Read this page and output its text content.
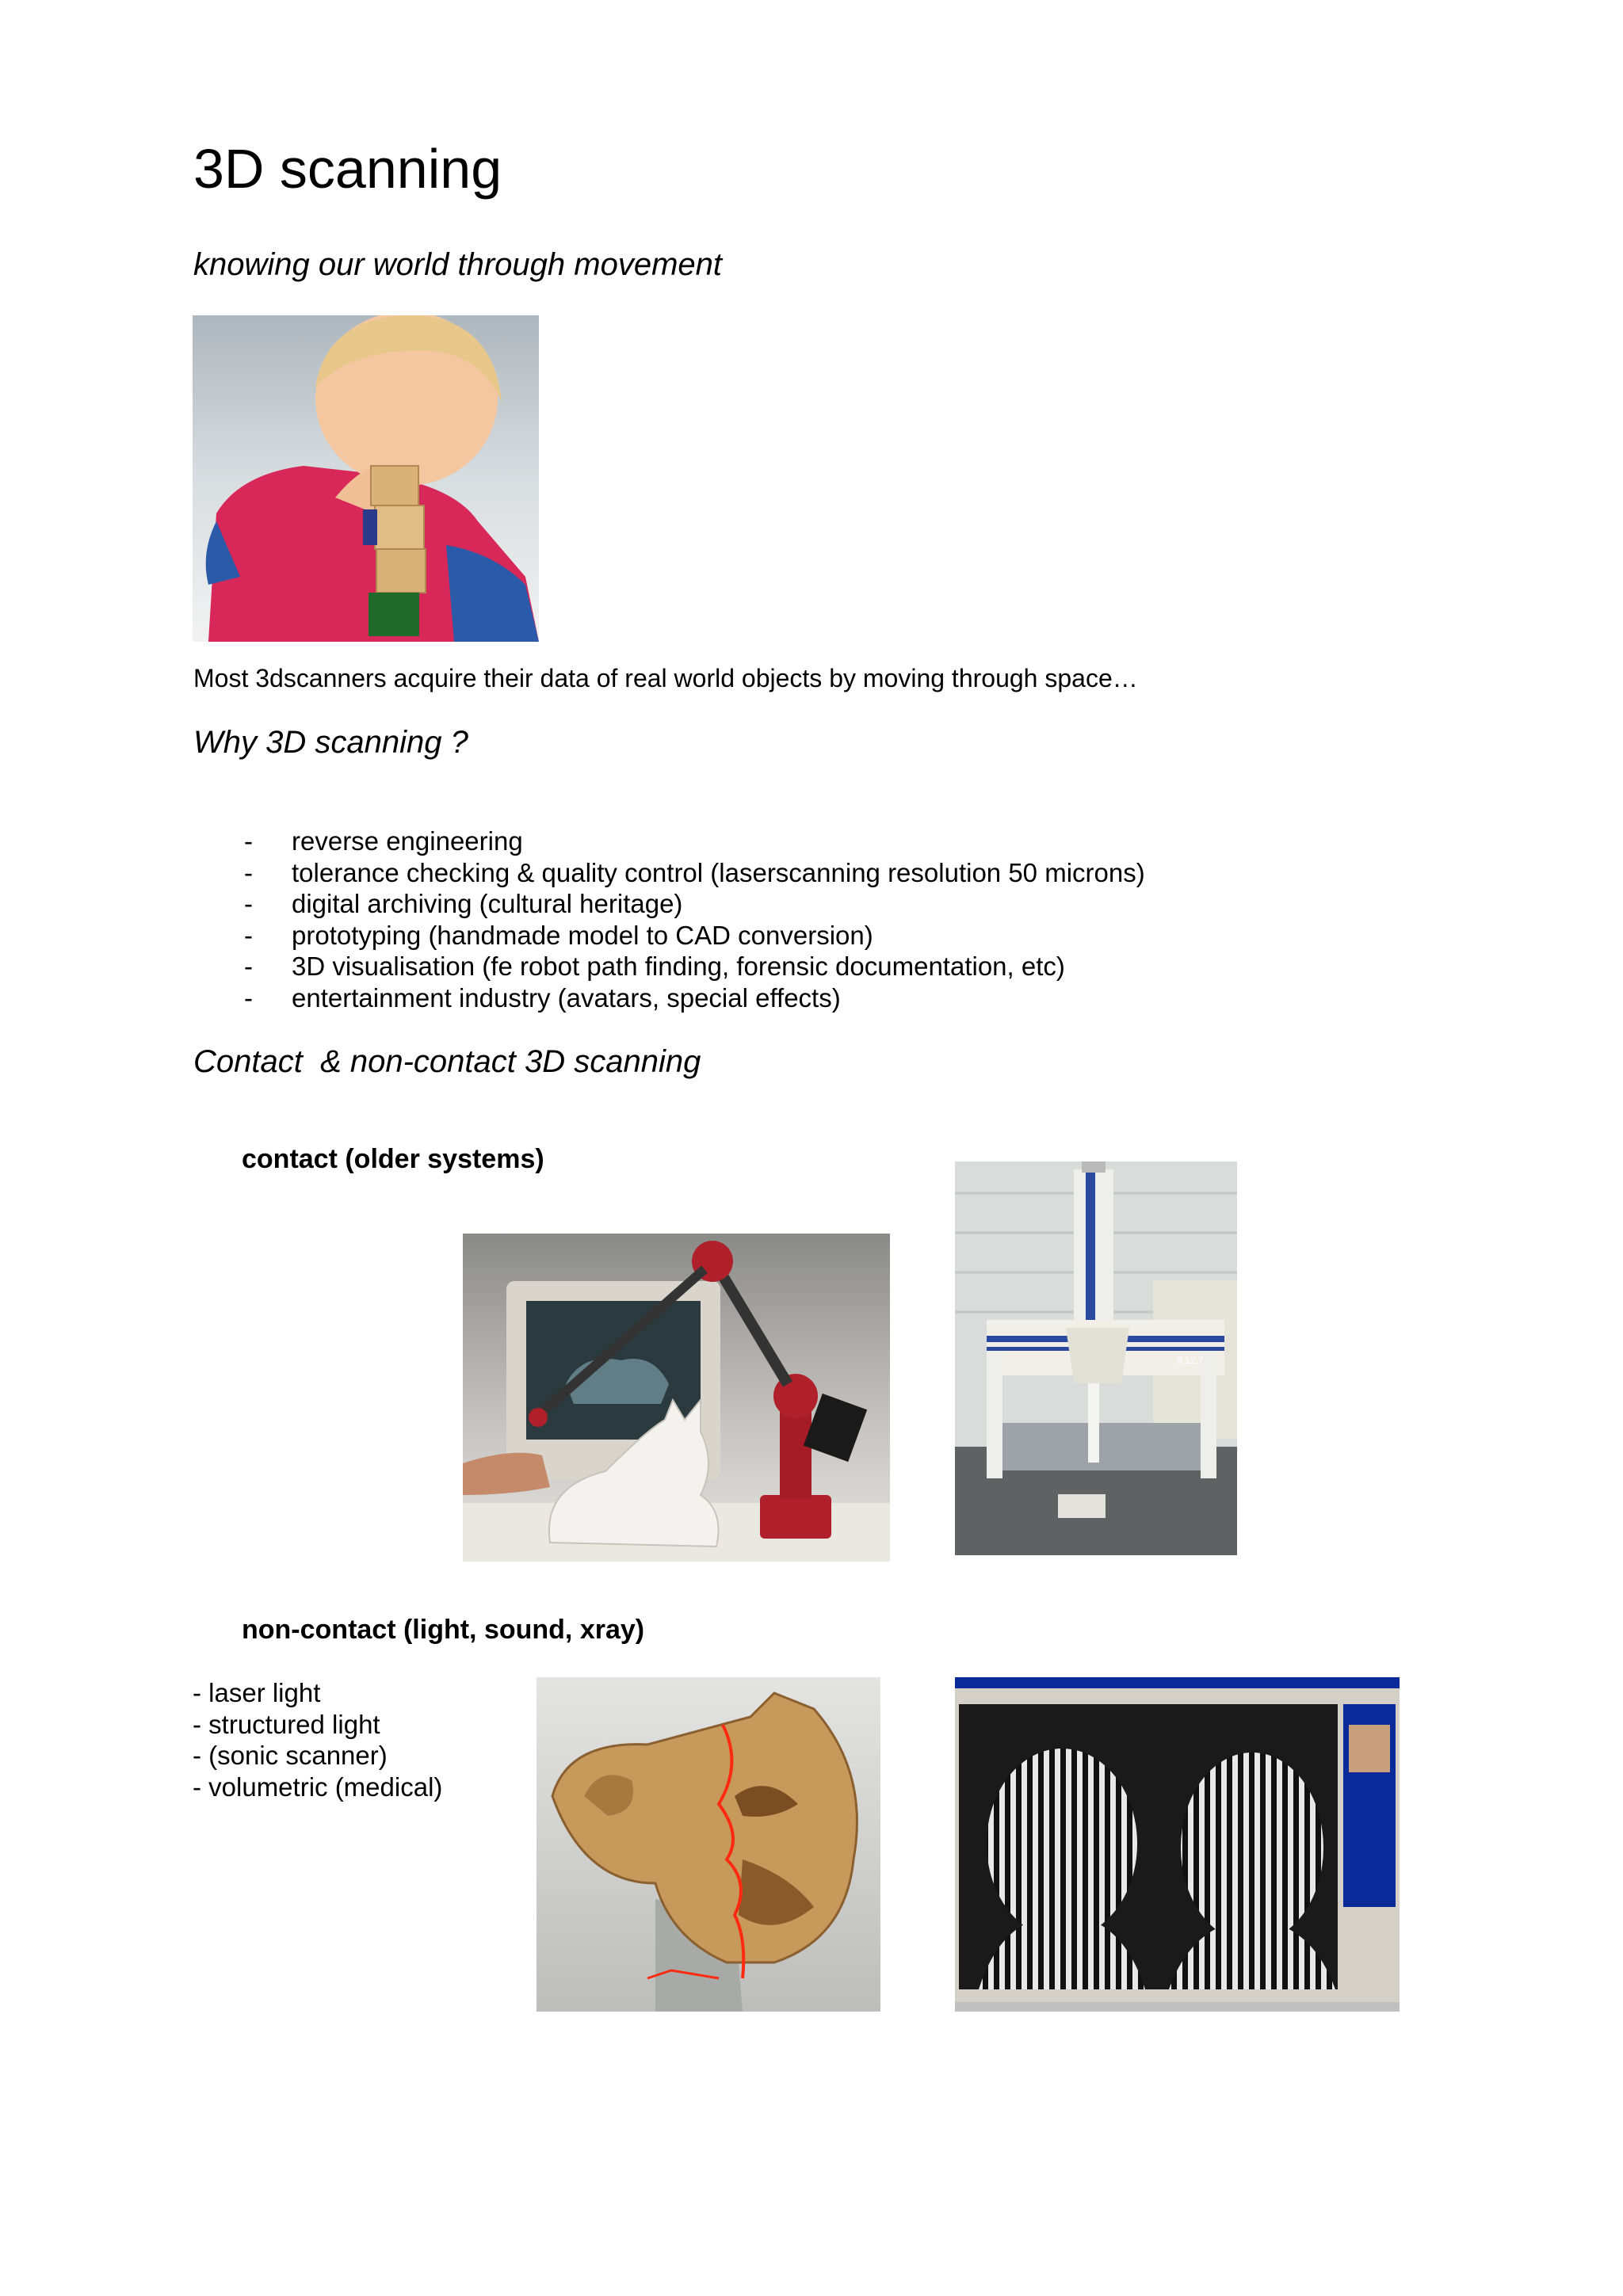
3D scanning
knowing our world through movement
Most 3dscanners acquire their data of real world objects by moving through space…
Why 3D scanning ?
- reverse engineering
- tolerance checking & quality control (laserscanning resolution 50 microns)
- digital archiving (cultural heritage)
- prototyping (handmade model to CAD conversion)
- 3D visualisation (fe robot path finding, forensic documentation, etc)
- entertainment industry (avatars, special effects)
Contact  & non-contact 3D scanning
contact (older systems)
9.12.7
non-contact (light, sound, xray)
- laser light
- structured light
- (sonic scanner)
- volumetric (medical)
